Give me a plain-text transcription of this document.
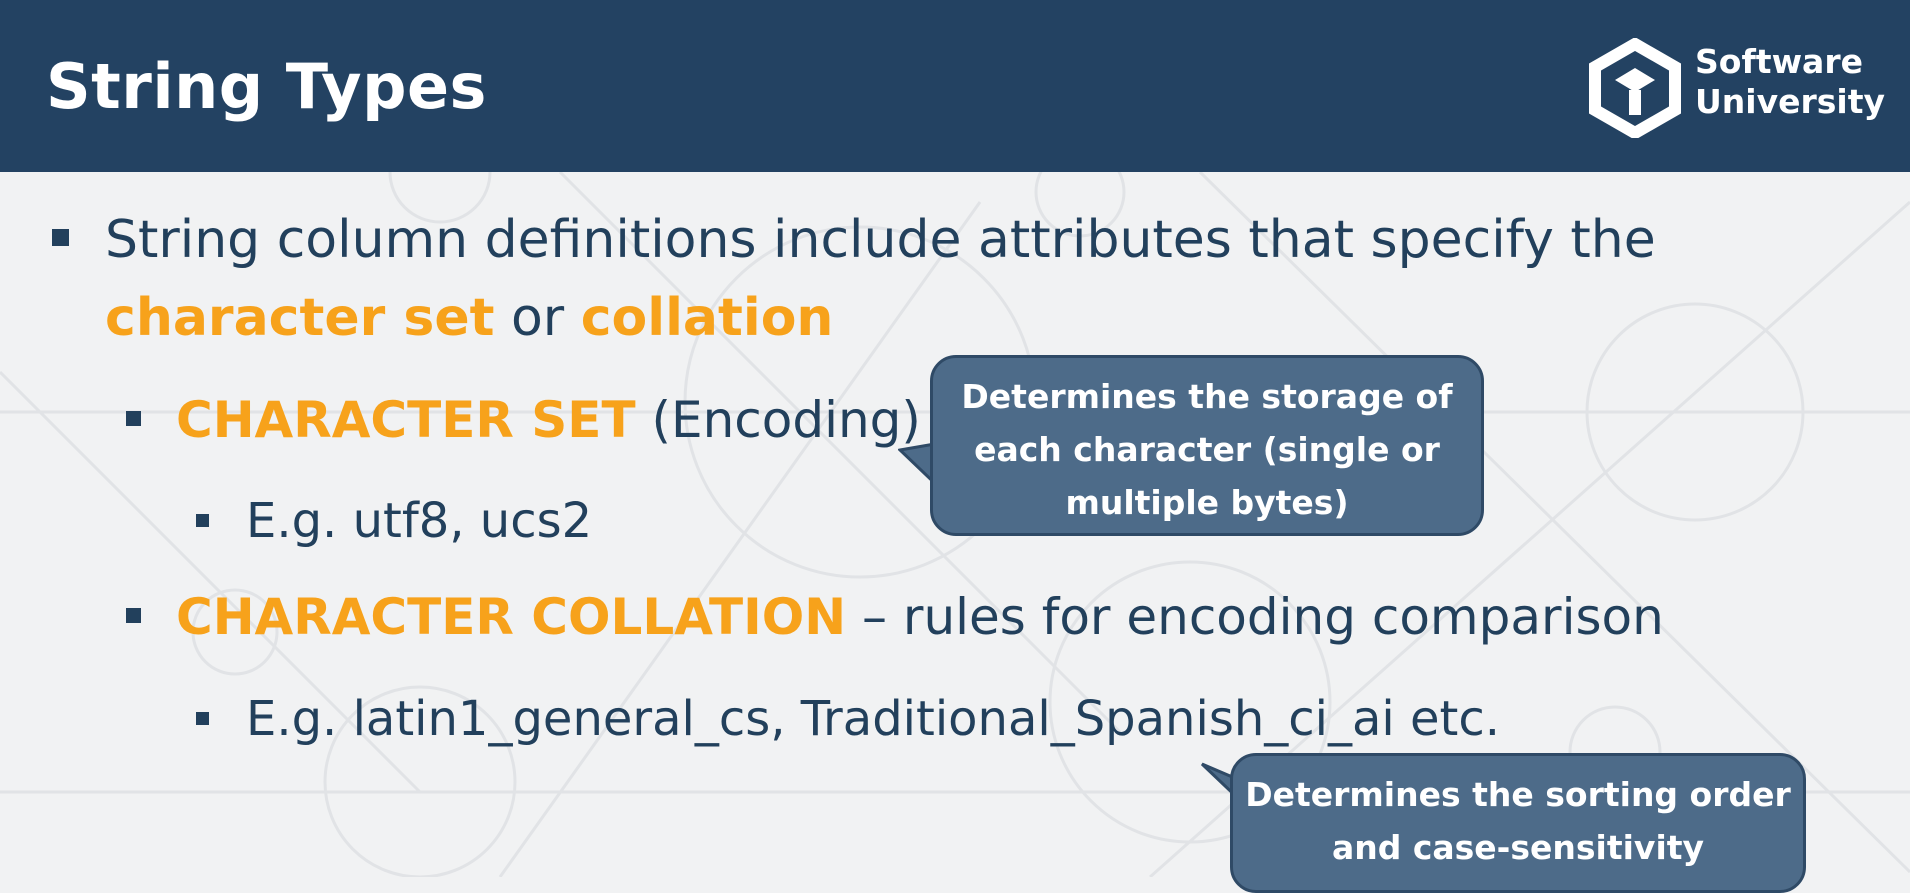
String Types	Software
University
String column definitions include attributes that specify the
character set or collation
CHARACTER SET (Encoding)
E.g. utf8, ucs2
CHARACTER COLLATION – rules for encoding comparison
E.g. latin1_general_cs, Traditional_Spanish_ci_ai etc.
Determines the storage of
each character (single or
multiple bytes)
Determines the sorting order
and case-sensitivity
